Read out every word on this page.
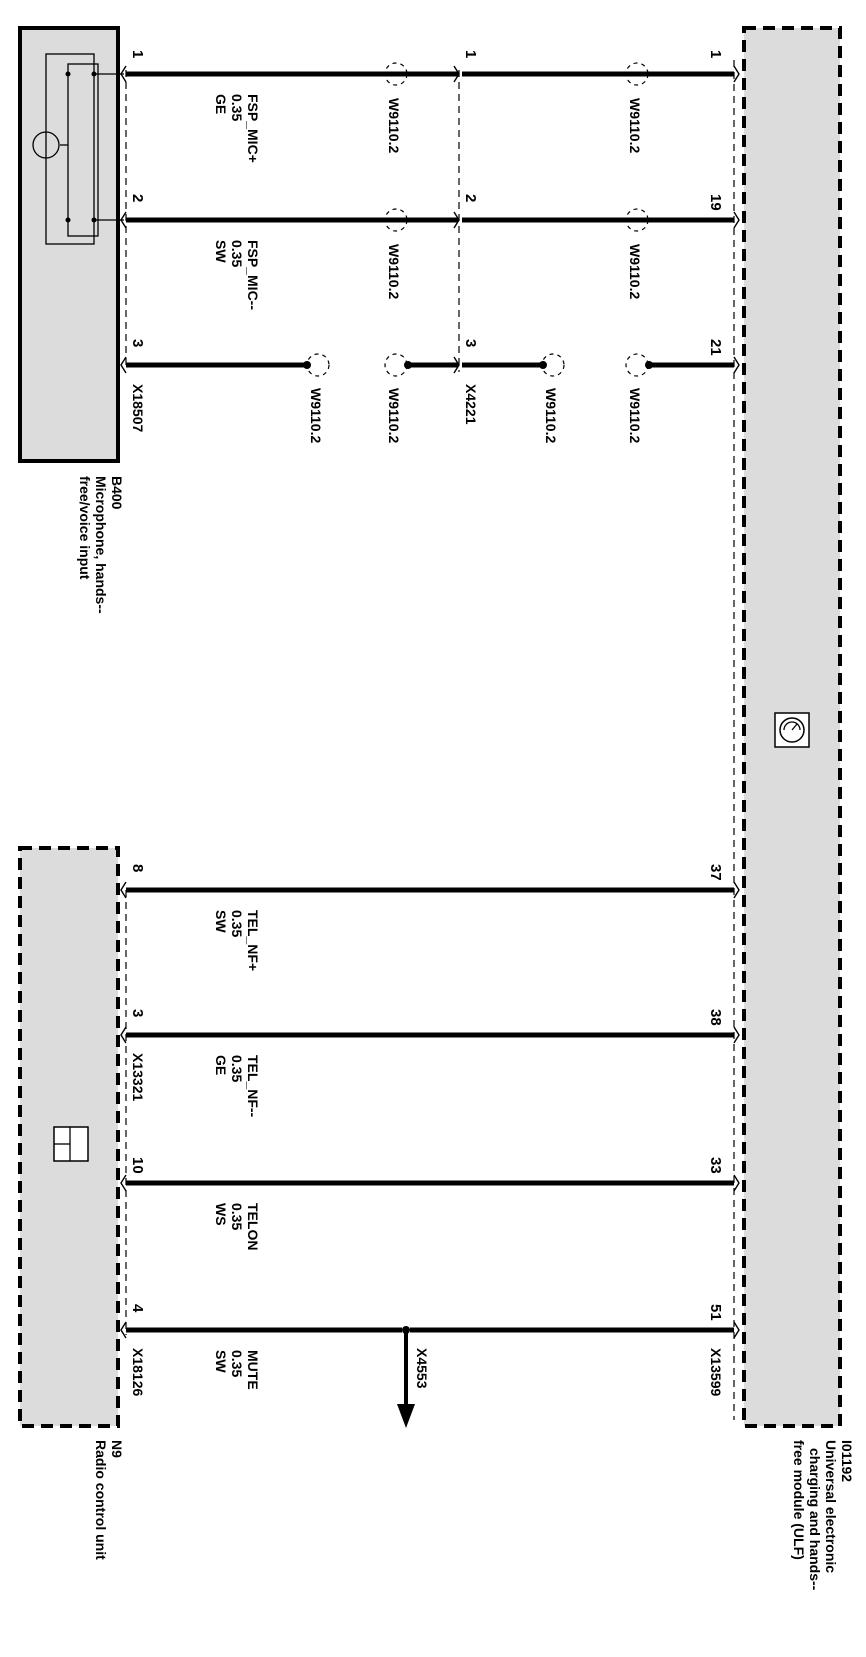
1
19
21
37
38
33
51
1
2
3
1
2
3
8
3
10
4
X13599
X4221
X18507
X13321
X18126	X4553
W9110.2
W9110.2
W9110.2
W9110.2
W9110.2
W9110.2
W9110.2
W9110.2
FSP_MIC+
0.35
GE
FSP_MIC--
0.35
SW
TEL_NF+
0.35
SW
TEL_NF--
0.35
GE
TELON
0.35
WS
MUTE
0.35
SW
I01192
Universal electronic
charging and hands--
free module (ULF)
B400
Microphone, hands--
free/voice input
N9
Radio control unit
